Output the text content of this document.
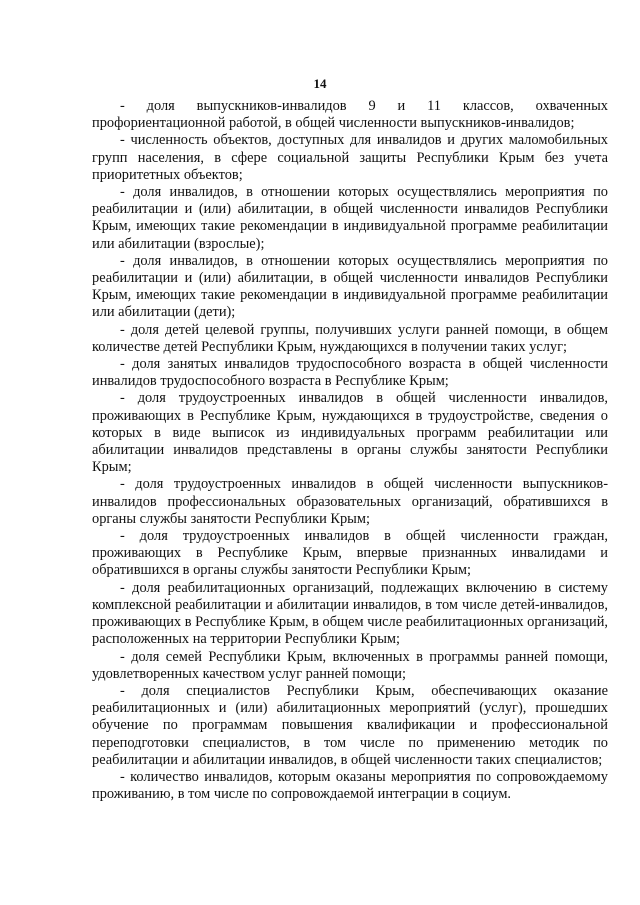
14

- доля выпускников-инвалидов 9 и 11 классов, охваченных профориентационной работой, в общей численности выпускников-инвалидов;

- численность объектов, доступных для инвалидов и других маломобильных групп населения, в сфере социальной защиты Республики Крым без учета приоритетных объектов;

- доля инвалидов, в отношении которых осуществлялись мероприятия по реабилитации и (или) абилитации, в общей численности инвалидов Республики Крым, имеющих такие рекомендации в индивидуальной программе реабилитации или абилитации (взрослые);

- доля инвалидов, в отношении которых осуществлялись мероприятия по реабилитации и (или) абилитации, в общей численности инвалидов Республики Крым, имеющих такие рекомендации в индивидуальной программе реабилитации или абилитации (дети);

- доля детей целевой группы, получивших услуги ранней помощи, в общем количестве детей Республики Крым, нуждающихся в получении таких услуг;

- доля занятых инвалидов трудоспособного возраста в общей численности инвалидов трудоспособного возраста в Республике Крым;

- доля трудоустроенных инвалидов в общей численности инвалидов, проживающих в Республике Крым, нуждающихся в трудоустройстве, сведения о которых в виде выписок из индивидуальных программ реабилитации или абилитации инвалидов представлены в органы службы занятости Республики Крым;

- доля трудоустроенных инвалидов в общей численности выпускников-инвалидов профессиональных образовательных организаций, обратившихся в органы службы занятости Республики Крым;

- доля трудоустроенных инвалидов в общей численности граждан, проживающих в Республике Крым, впервые признанных инвалидами и обратившихся в органы службы занятости Республики Крым;

- доля реабилитационных организаций, подлежащих включению в систему комплексной реабилитации и абилитации инвалидов, в том числе детей-инвалидов, проживающих в Республике Крым, в общем числе реабилитационных организаций, расположенных на территории Республики Крым;

- доля семей Республики Крым, включенных в программы ранней помощи, удовлетворенных качеством услуг ранней помощи;

- доля специалистов Республики Крым, обеспечивающих оказание реабилитационных и (или) абилитационных мероприятий (услуг), прошедших обучение по программам повышения квалификации и профессиональной переподготовки специалистов, в том числе по применению методик по реабилитации и абилитации инвалидов, в общей численности таких специалистов;

- количество инвалидов, которым оказаны мероприятия по сопровождаемому проживанию, в том числе по сопровождаемой интеграции в социум.
